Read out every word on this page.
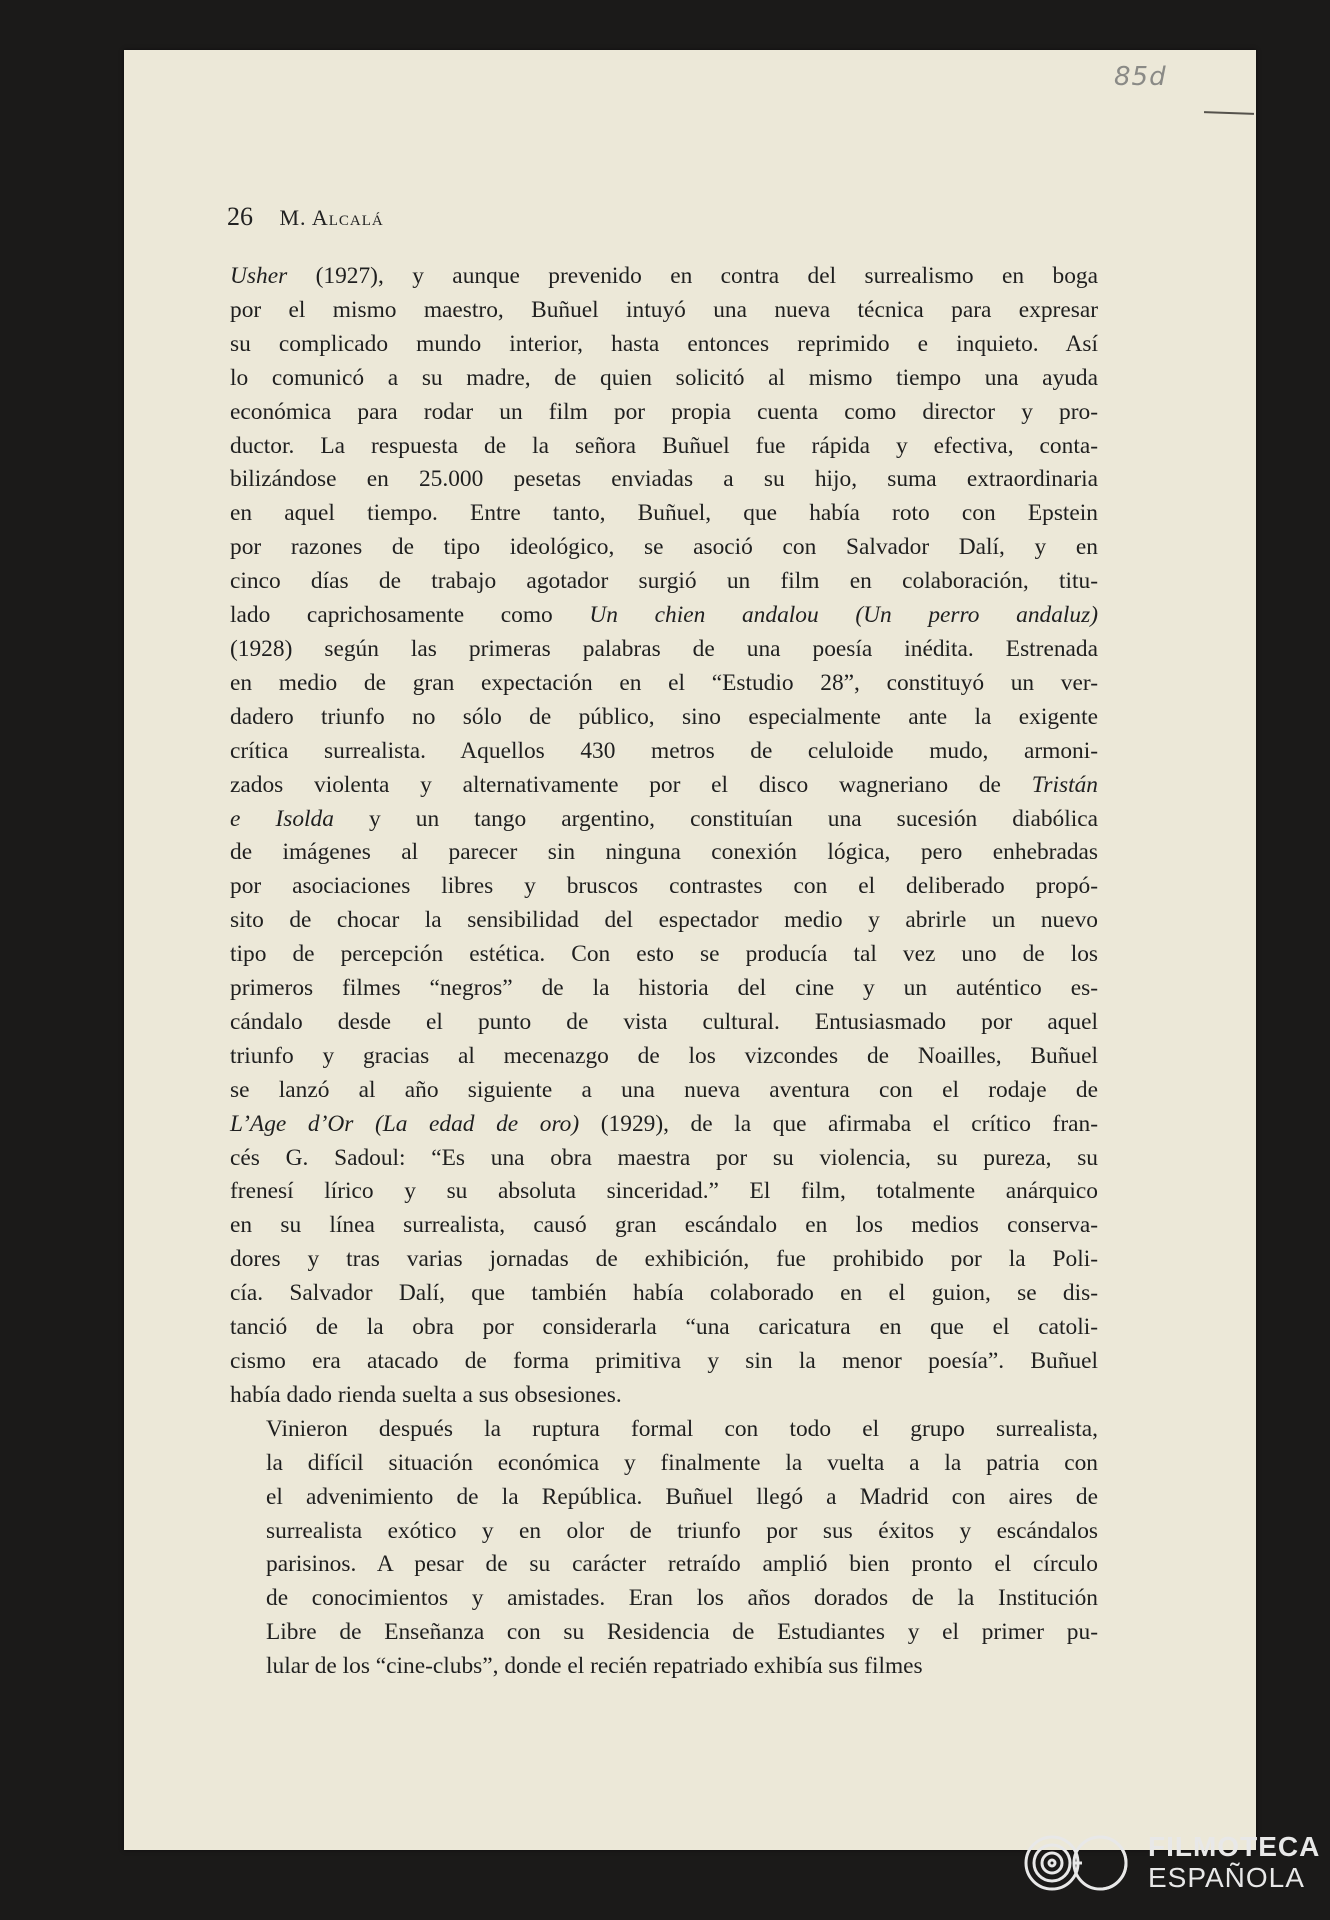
85d
26 M. Alcalá
Usher (1927), y aunque prevenido en contra del surrealismo en boga
por el mismo maestro, Buñuel intuyó una nueva técnica para expresar
su complicado mundo interior, hasta entonces reprimido e inquieto. Así
lo comunicó a su madre, de quien solicitó al mismo tiempo una ayuda
económica para rodar un film por propia cuenta como director y pro-
ductor. La respuesta de la señora Buñuel fue rápida y efectiva, conta-
bilizándose en 25.000 pesetas enviadas a su hijo, suma extraordinaria
en aquel tiempo. Entre tanto, Buñuel, que había roto con Epstein
por razones de tipo ideológico, se asoció con Salvador Dalí, y en
cinco días de trabajo agotador surgió un film en colaboración, titu-
lado caprichosamente como Un chien andalou (Un perro andaluz)
(1928) según las primeras palabras de una poesía inédita. Estrenada
en medio de gran expectación en el “Estudio 28”, constituyó un ver-
dadero triunfo no sólo de público, sino especialmente ante la exigente
crítica surrealista. Aquellos 430 metros de celuloide mudo, armoni-
zados violenta y alternativamente por el disco wagneriano de Tristán
e Isolda y un tango argentino, constituían una sucesión diabólica
de imágenes al parecer sin ninguna conexión lógica, pero enhebradas
por asociaciones libres y bruscos contrastes con el deliberado propó-
sito de chocar la sensibilidad del espectador medio y abrirle un nuevo
tipo de percepción estética. Con esto se producía tal vez uno de los
primeros filmes “negros” de la historia del cine y un auténtico es-
cándalo desde el punto de vista cultural. Entusiasmado por aquel
triunfo y gracias al mecenazgo de los vizcondes de Noailles, Buñuel
se lanzó al año siguiente a una nueva aventura con el rodaje de
L’Age d’Or (La edad de oro) (1929), de la que afirmaba el crítico fran-
cés G. Sadoul: “Es una obra maestra por su violencia, su pureza, su
frenesí lírico y su absoluta sinceridad.” El film, totalmente anárquico
en su línea surrealista, causó gran escándalo en los medios conserva-
dores y tras varias jornadas de exhibición, fue prohibido por la Poli-
cía. Salvador Dalí, que también había colaborado en el guion, se dis-
tanció de la obra por considerarla “una caricatura en que el catoli-
cismo era atacado de forma primitiva y sin la menor poesía”. Buñuel
había dado rienda suelta a sus obsesiones.
Vinieron después la ruptura formal con todo el grupo surrealista,
la difícil situación económica y finalmente la vuelta a la patria con
el advenimiento de la República. Buñuel llegó a Madrid con aires de
surrealista exótico y en olor de triunfo por sus éxitos y escándalos
parisinos. A pesar de su carácter retraído amplió bien pronto el círculo
de conocimientos y amistades. Eran los años dorados de la Institución
Libre de Enseñanza con su Residencia de Estudiantes y el primer pu-
lular de los “cine-clubs”, donde el recién repatriado exhibía sus filmes
FILMOTECA
ESPAÑOLA
